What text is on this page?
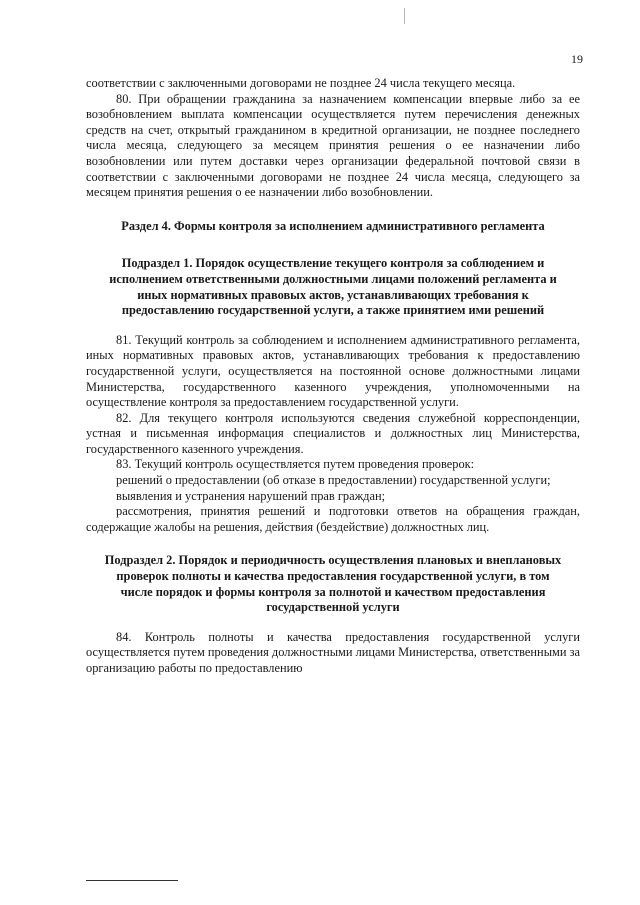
19

соответствии с заключенными договорами не позднее 24 числа текущего месяца.

80. При обращении гражданина за назначением компенсации впервые либо за ее возобновлением выплата компенсации осуществляется путем перечисления денежных средств на счет, открытый гражданином в кредитной организации, не позднее последнего числа месяца, следующего за месяцем принятия решения о ее назначении либо возобновлении или путем доставки через организации федеральной почтовой связи в соответствии с заключенными договорами не позднее 24 числа месяца, следующего за месяцем принятия решения о ее назначении либо возобновлении.

Раздел 4. Формы контроля за исполнением административного регламента

Подраздел 1. Порядок осуществление текущего контроля за соблюдением и исполнением ответственными должностными лицами положений регламента и иных нормативных правовых актов, устанавливающих требования к предоставлению государственной услуги, а также принятием ими решений

81. Текущий контроль за соблюдением и исполнением административного регламента, иных нормативных правовых актов, устанавливающих требования к предоставлению государственной услуги, осуществляется на постоянной основе должностными лицами Министерства, государственного казенного учреждения, уполномоченными на осуществление контроля за предоставлением государственной услуги.

82. Для текущего контроля используются сведения служебной корреспонденции, устная и письменная информация специалистов и должностных лиц Министерства, государственного казенного учреждения.

83. Текущий контроль осуществляется путем проведения проверок:

решений о предоставлении (об отказе в предоставлении) государственной услуги;

выявления и устранения нарушений прав граждан;

рассмотрения, принятия решений и подготовки ответов на обращения граждан, содержащие жалобы на решения, действия (бездействие) должностных лиц.

Подраздел 2. Порядок и периодичность осуществления плановых и внеплановых проверок полноты и качества предоставления государственной услуги, в том числе порядок и формы контроля за полнотой и качеством предоставления государственной услуги

84. Контроль полноты и качества предоставления государственной услуги осуществляется путем проведения должностными лицами Министерства, ответственными за организацию работы по предоставлению
